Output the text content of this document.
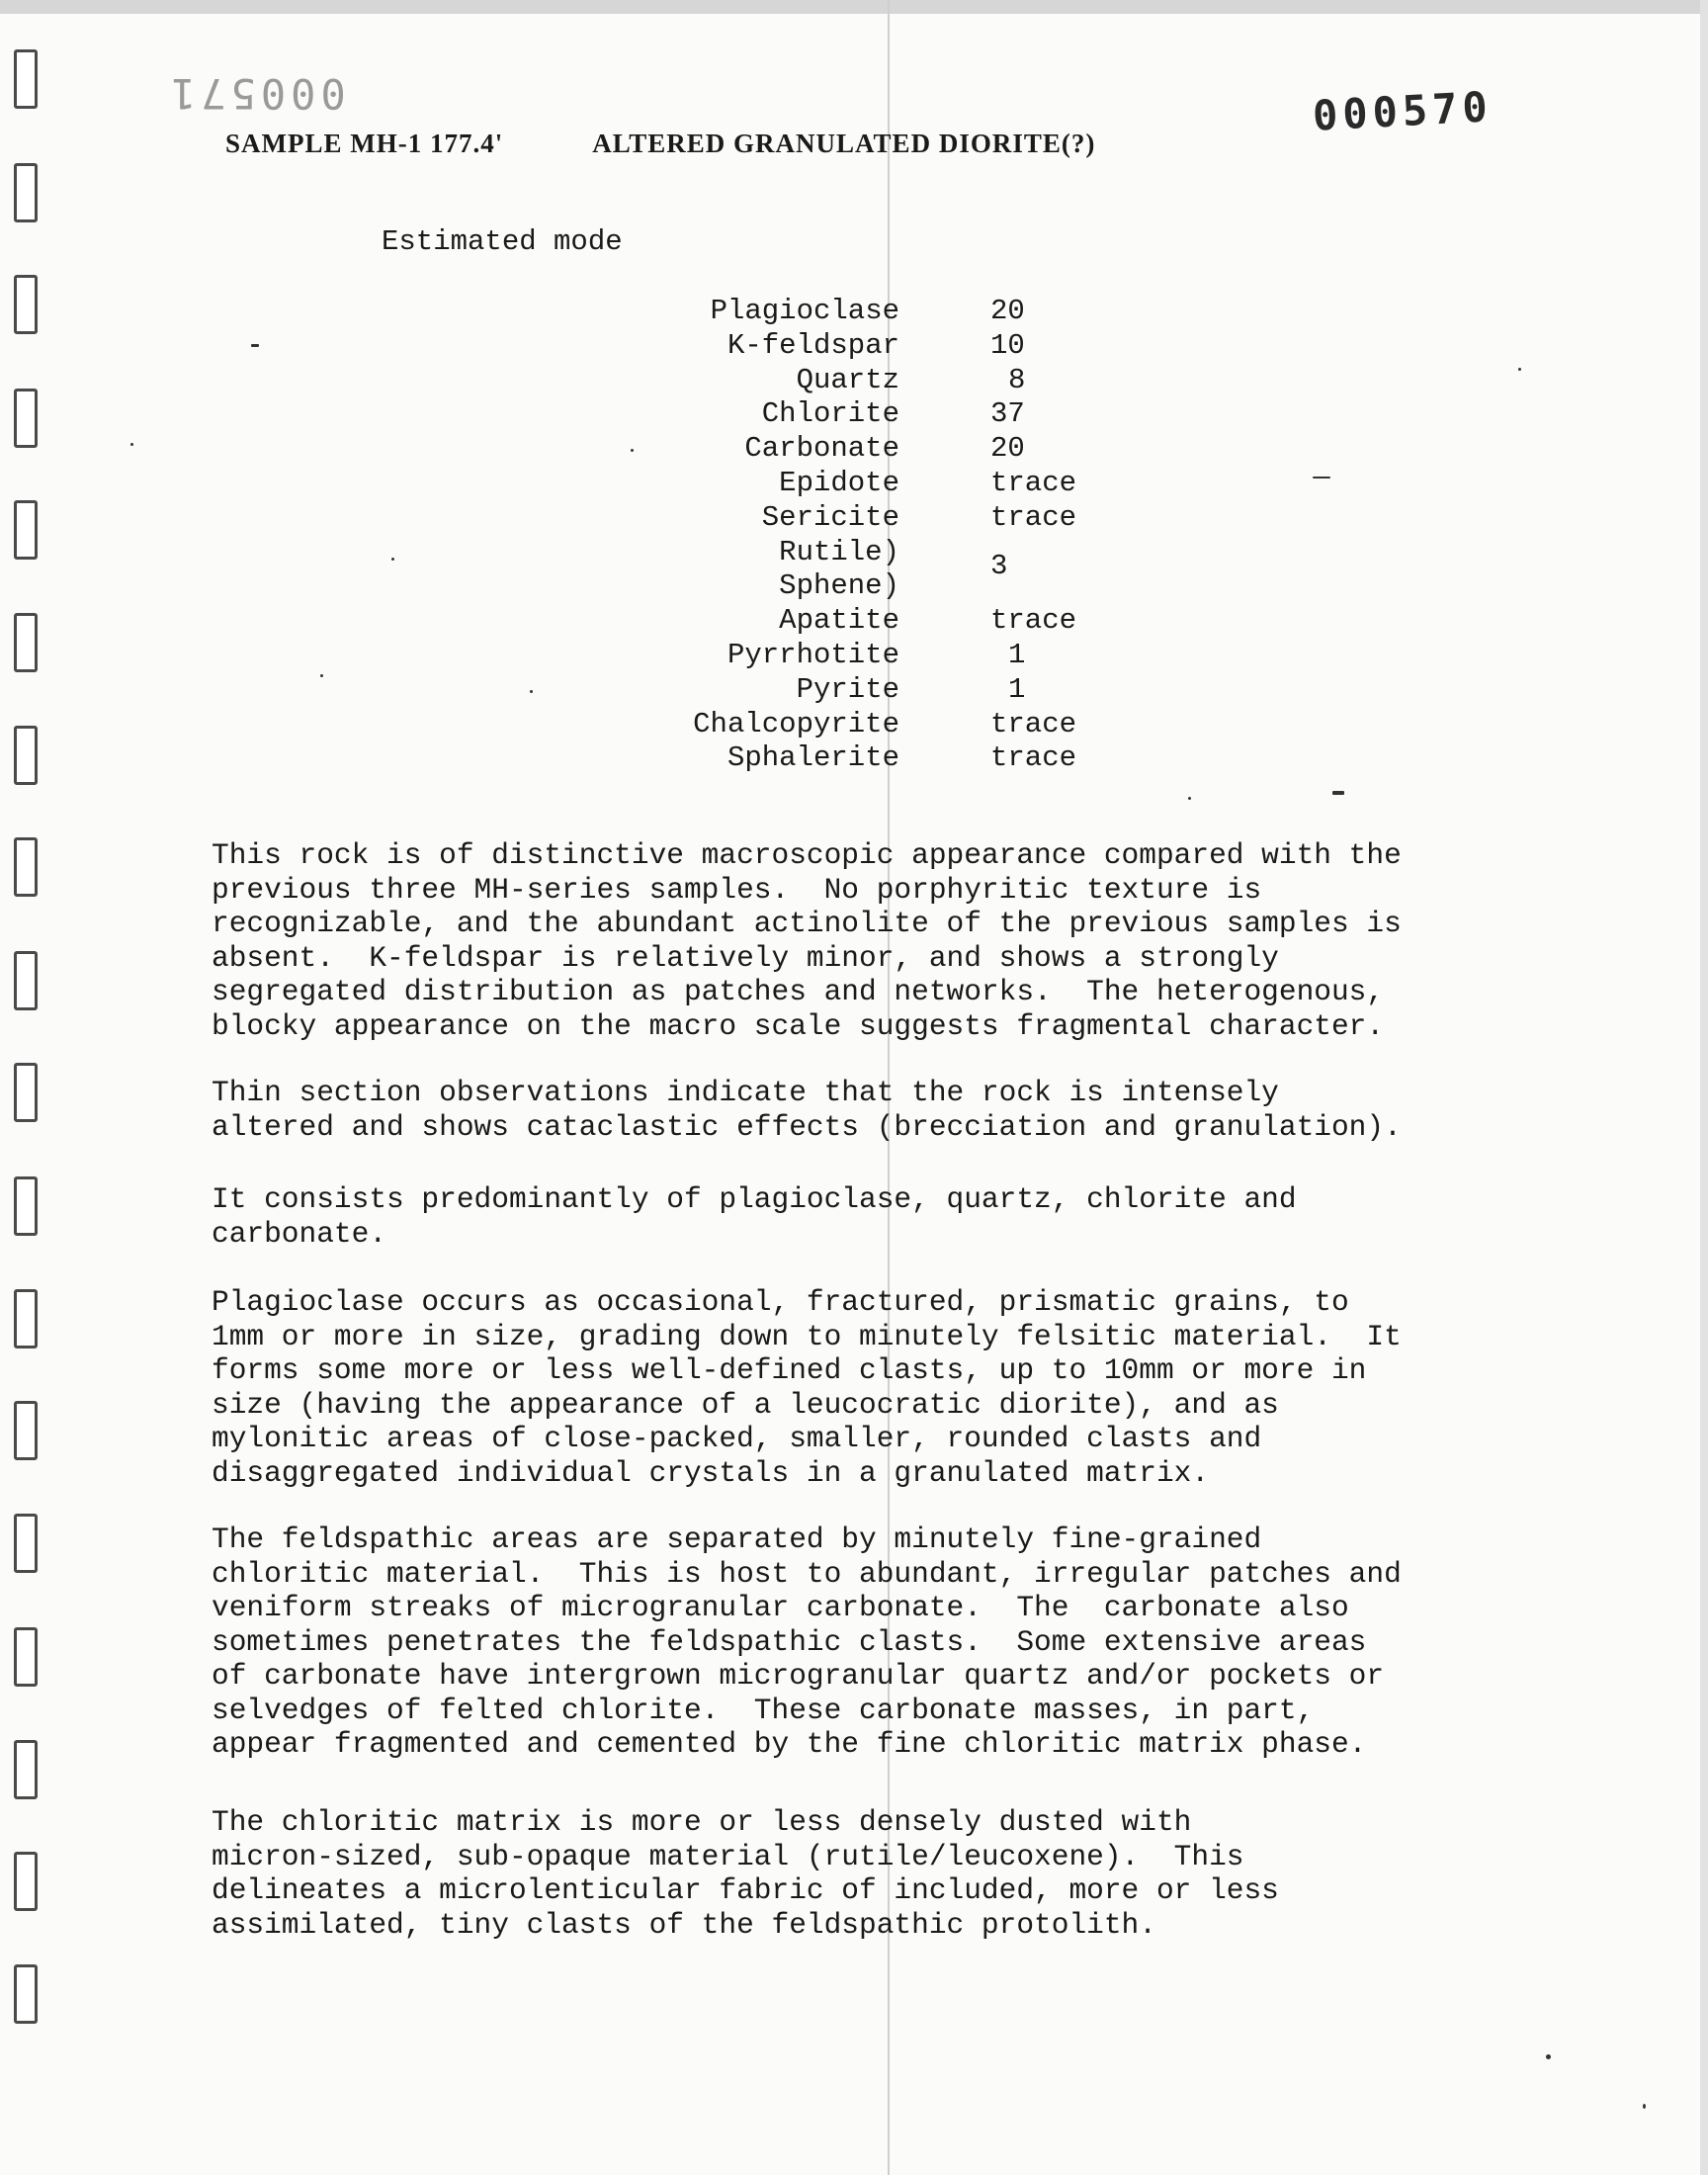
000571	000570
SAMPLE MH-1 177.4'	ALTERED GRANULATED DIORITE(?)
Estimated mode
Plagioclase	20
K-feldspar	10
Quartz	8
Chlorite	37
Carbonate	20
Epidote	trace
Sericite	trace
Rutile)	3
Sphene)
Apatite	trace
Pyrrhotite	1
Pyrite	1
Chalcopyrite	trace
Sphalerite	trace

This rock is of distinctive macroscopic appearance compared with the
previous three MH-series samples.  No porphyritic texture is
recognizable, and the abundant actinolite of the previous samples is
absent.  K-feldspar is relatively minor, and shows a strongly
segregated distribution as patches and networks.  The heterogenous,
blocky appearance on the macro scale suggests fragmental character.

Thin section observations indicate that the rock is intensely
altered and shows cataclastic effects (brecciation and granulation).

It consists predominantly of plagioclase, quartz, chlorite and
carbonate.

Plagioclase occurs as occasional, fractured, prismatic grains, to
1mm or more in size, grading down to minutely felsitic material.  It
forms some more or less well-defined clasts, up to 10mm or more in
size (having the appearance of a leucocratic diorite), and as
mylonitic areas of close-packed, smaller, rounded clasts and
disaggregated individual crystals in a granulated matrix.

The feldspathic areas are separated by minutely fine-grained
chloritic material.  This is host to abundant, irregular patches and
veniform streaks of microgranular carbonate.  The  carbonate also
sometimes penetrates the feldspathic clasts.  Some extensive areas
of carbonate have intergrown microgranular quartz and/or pockets or
selvedges of felted chlorite.  These carbonate masses, in part,
appear fragmented and cemented by the fine chloritic matrix phase.

The chloritic matrix is more or less densely dusted with
micron-sized, sub-opaque material (rutile/leucoxene).  This
delineates a microlenticular fabric of included, more or less
assimilated, tiny clasts of the feldspathic protolith.
